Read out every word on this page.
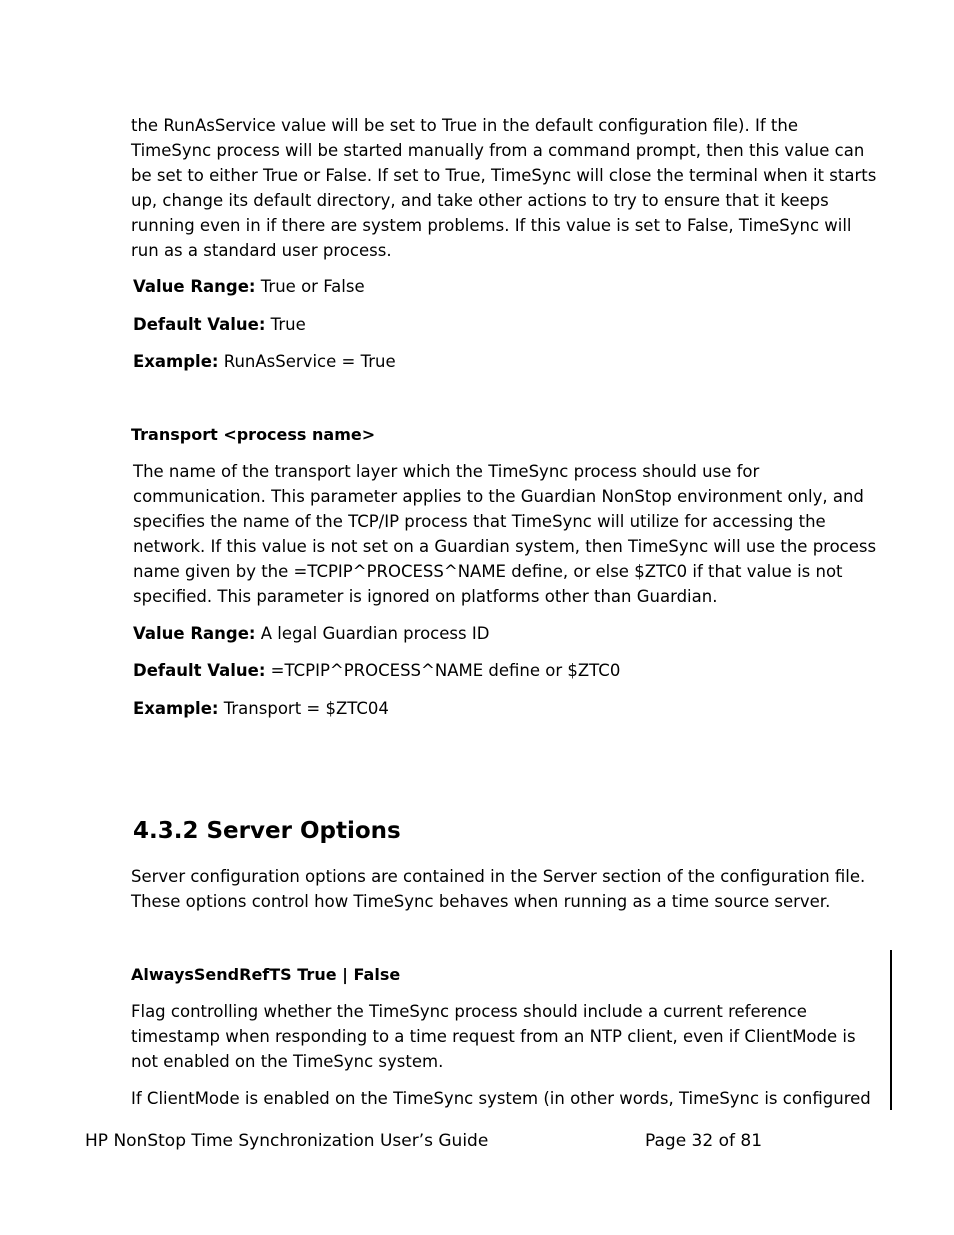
the RunAsService value will be set to True in the default configuration file). If the TimeSync process will be started manually from a command prompt, then this value can be set to either True or False. If set to True, TimeSync will close the terminal when it starts up, change its default directory, and take other actions to try to ensure that it keeps running even in if there are system problems. If this value is set to False, TimeSync will run as a standard user process.

Value Range: True or False
Default Value: True
Example: RunAsService = True
Transport <process name>

The name of the transport layer which the TimeSync process should use for communication. This parameter applies to the Guardian NonStop environment only, and specifies the name of the TCP/IP process that TimeSync will utilize for accessing the network. If this value is not set on a Guardian system, then TimeSync will use the process name given by the =TCPIP^PROCESS^NAME define, or else $ZTC0 if that value is not specified. This parameter is ignored on platforms other than Guardian.

Value Range: A legal Guardian process ID
Default Value: =TCPIP^PROCESS^NAME define or $ZTC0
Example: Transport = $ZTC04
4.3.2 Server Options

Server configuration options are contained in the Server section of the configuration file. These options control how TimeSync behaves when running as a time source server.

AlwaysSendRefTS True | False

Flag controlling whether the TimeSync process should include a current reference timestamp when responding to a time request from an NTP client, even if ClientMode is not enabled on the TimeSync system.

If ClientMode is enabled on the TimeSync system (in other words, TimeSync is configured
HP NonStop Time Synchronization User’s Guide	Page 32 of 81
